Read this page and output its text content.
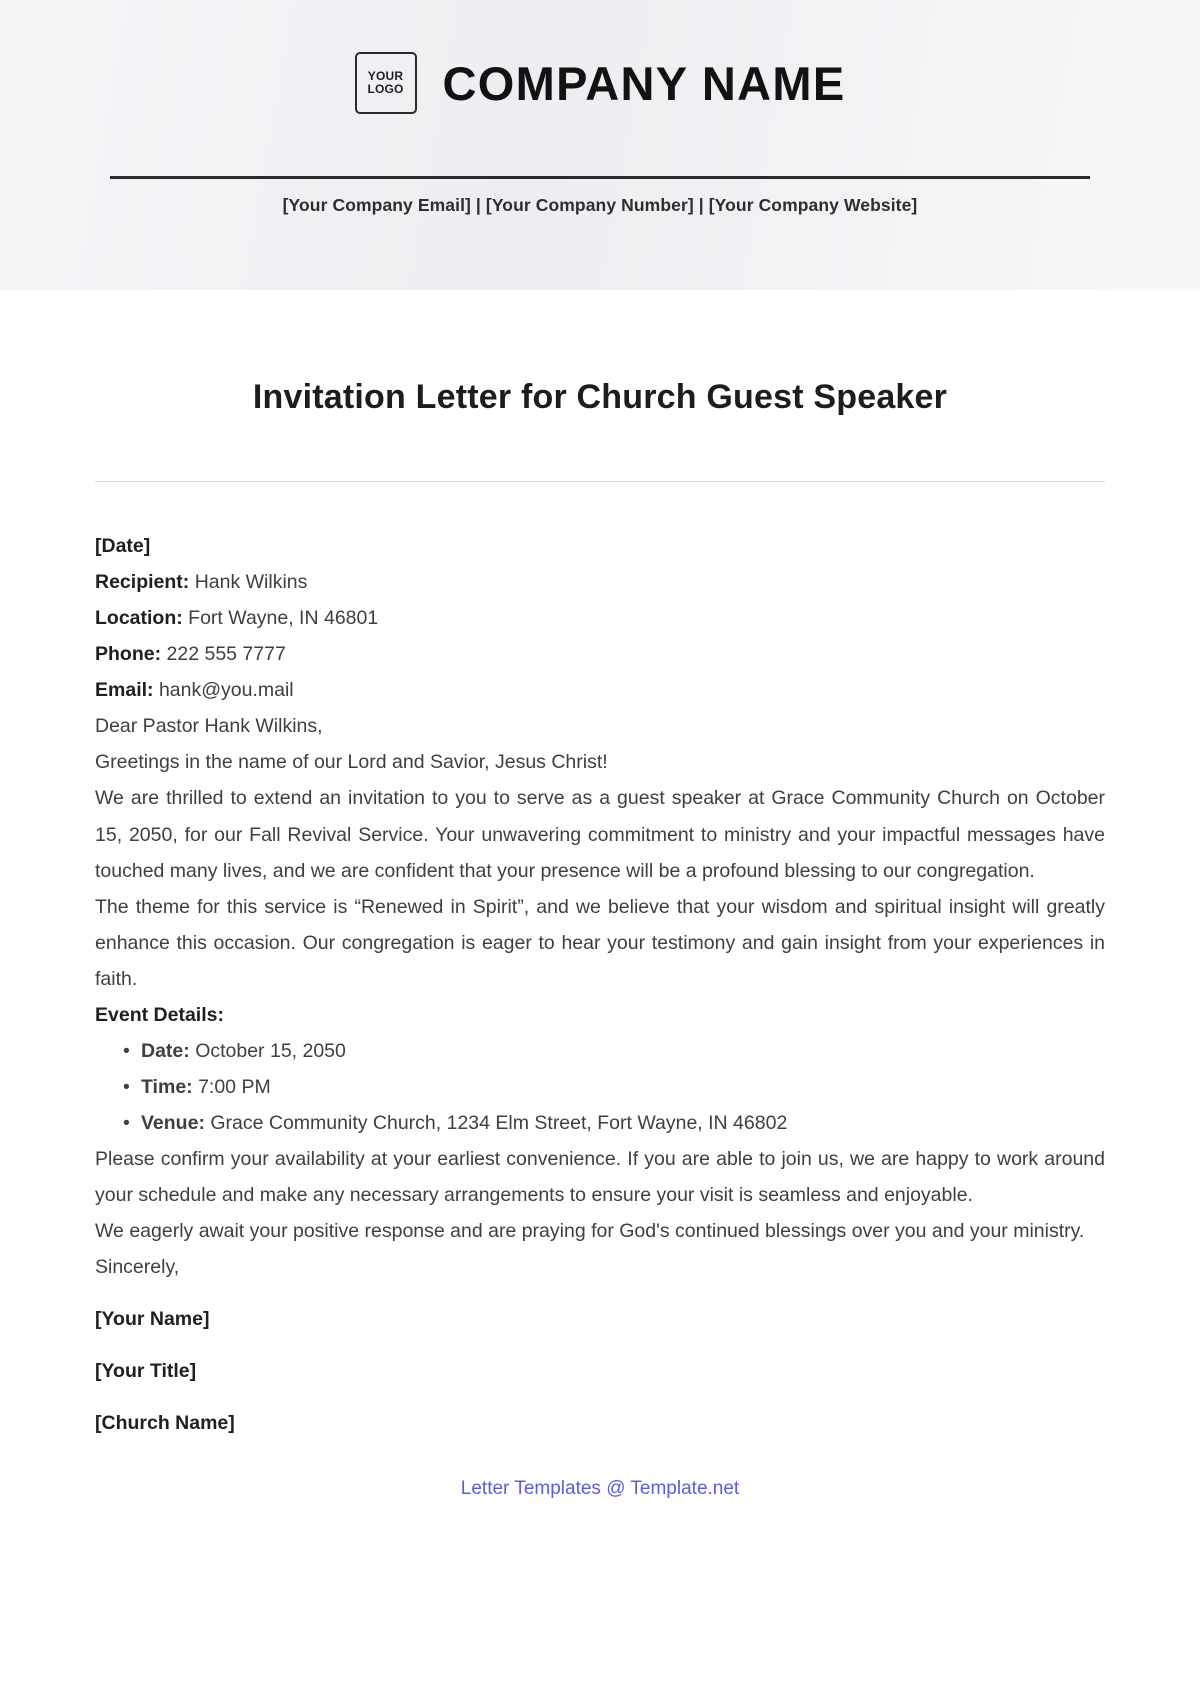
YOUR
LOGO COMPANY NAME
[Your Company Email] | [Your Company Number] | [Your Company Website]
Invitation Letter for Church Guest Speaker

[Date]

Recipient: Hank Wilkins

Location: Fort Wayne, IN 46801

Phone: 222 555 7777

Email: hank@you.mail

Dear Pastor Hank Wilkins,

Greetings in the name of our Lord and Savior, Jesus Christ!

We are thrilled to extend an invitation to you to serve as a guest speaker at Grace Community Church on October 15, 2050, for our Fall Revival Service. Your unwavering commitment to ministry and your impactful messages have touched many lives, and we are confident that your presence will be a profound blessing to our congregation.

The theme for this service is “Renewed in Spirit”, and we believe that your wisdom and spiritual insight will greatly enhance this occasion. Our congregation is eager to hear your testimony and gain insight from your experiences in faith.

Event Details:

• Date: October 15, 2050
• Time: 7:00 PM
• Venue: Grace Community Church, 1234 Elm Street, Fort Wayne, IN 46802

Please confirm your availability at your earliest convenience. If you are able to join us, we are happy to work around your schedule and make any necessary arrangements to ensure your visit is seamless and enjoyable.

We eagerly await your positive response and are praying for God's continued blessings over you and your ministry.

Sincerely,

[Your Name]
[Your Title]
[Church Name]
Letter Templates @ Template.net
